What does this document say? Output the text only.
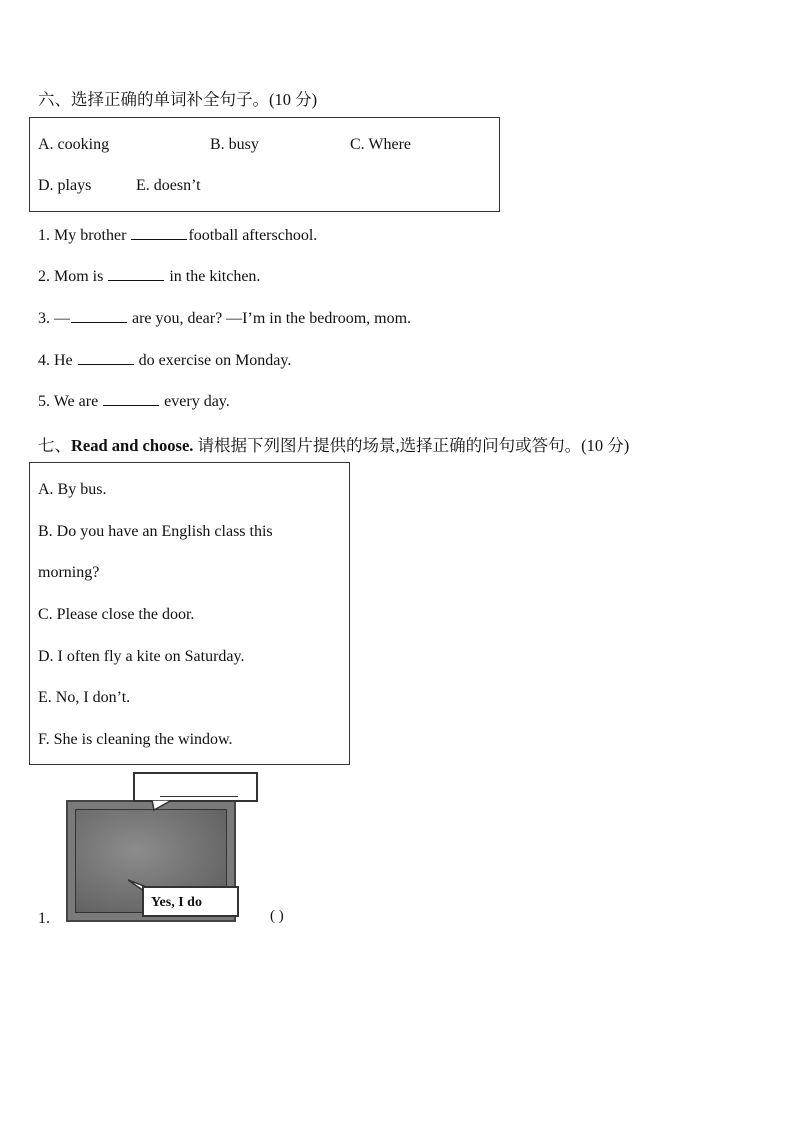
六、选择正确的单词补全句子。(10 分)
A. cooking	B. busy	C. Where
D. plays	E. doesn’t
1. My brother	football afterschool.
2. Mom is	in the kitchen.
3. —	are you, dear? —I’m in the bedroom, mom.
4. He	do exercise on Monday.
5. We are	every day.
七、Read and choose. 请根据下列图片提供的场景,选择正确的问句或答句。(10 分)
A. By bus.
B. Do you have an English class this
morning?
C. Please close the door.
D. I often fly a kite on Saturday.
E. No, I don’t.
F. She is cleaning the window.
1.
Yes, I do
( )
